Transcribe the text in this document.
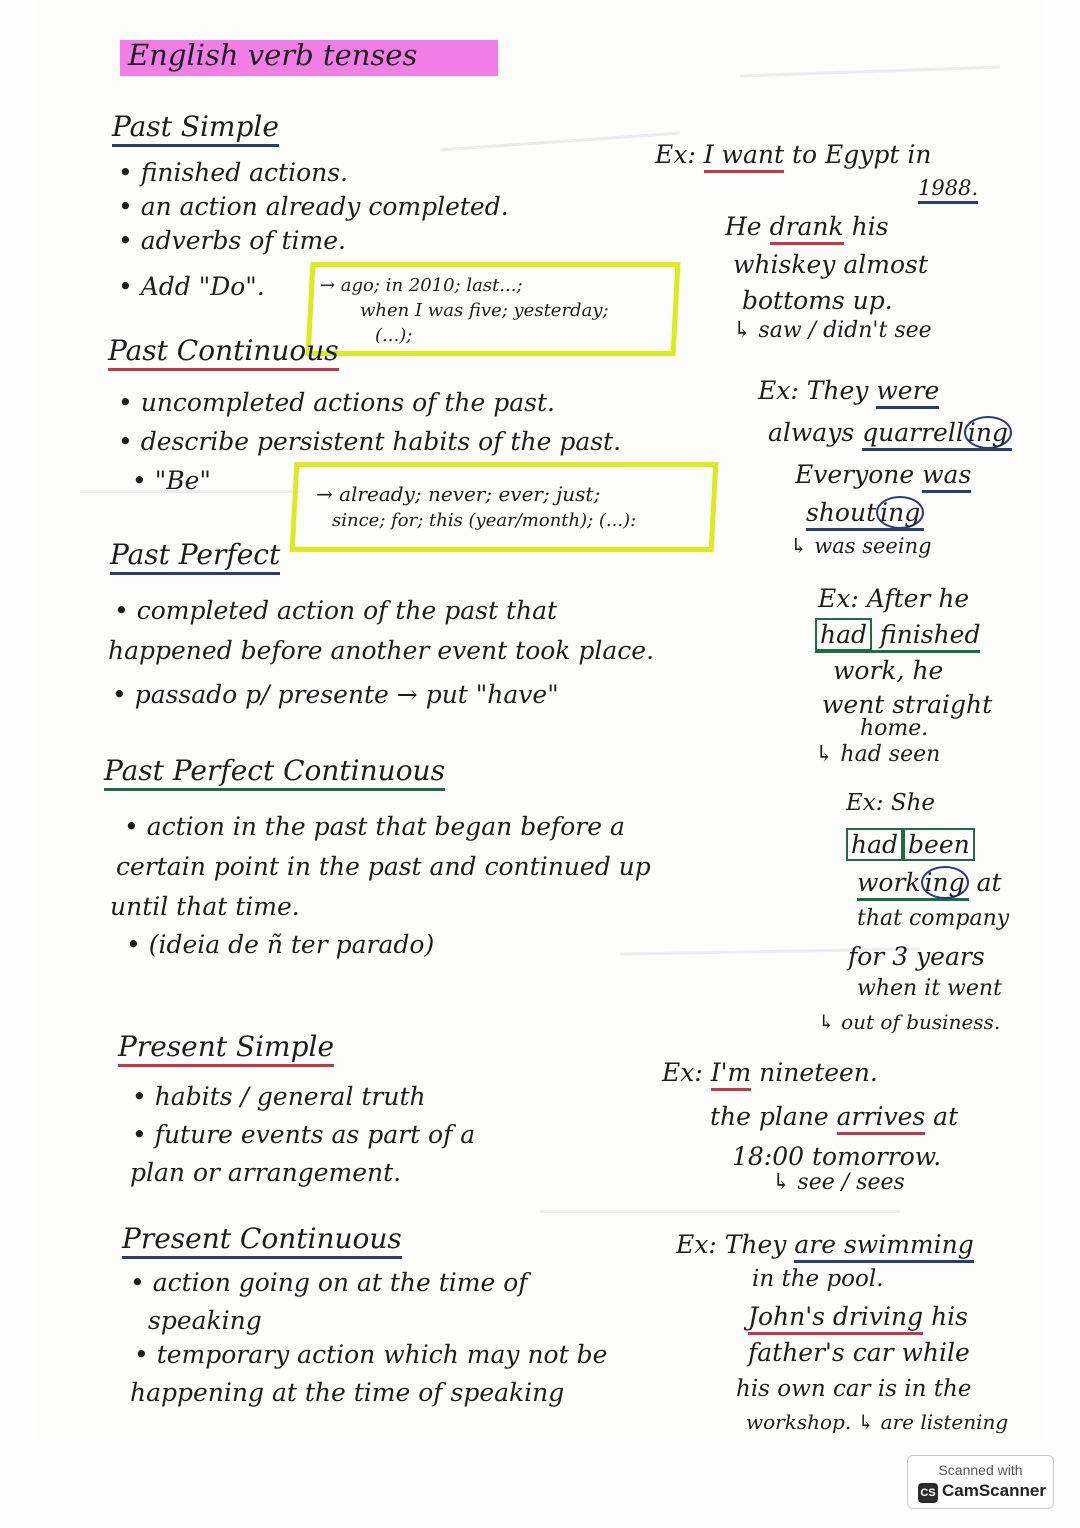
English verb tenses
Past Simple
• finished actions.
• an action already completed.
• adverbs of time.
• Add "Do".	→ ago; in 2010; last...;
when I was five; yesterday;
(...);
Ex: I want to Egypt in
1988.
He drank his
whiskey almost
bottoms up.
↳ saw / didn't see
Past Continuous
• uncompleted actions of the past.
• describe persistent habits of the past.
• "Be"	→ already; never; ever; just;
since; for; this (year/month); (...):
Ex: They were
always quarrell ing
Everyone was
shout ing
↳ was seeing
Past Perfect
• completed action of the past that
happened before another event took place.
• passado p/ presente → put "have"
Ex: After he
had finished
work, he
went straight
home.
↳ had seen
Past Perfect Continuous
• action in the past that began before a
certain point in the past and continued up
until that time.
• (ideia de ñ ter parado)
Ex: She
had been
work ing at
that company
for 3 years
when it went
↳ out of business.
Present Simple
• habits / general truth
• future events as part of a
plan or arrangement.
Ex: I'm nineteen.
the plane arrives at
18:00 tomorrow.
↳ see / sees
Present Continuous
• action going on at the time of
speaking
• temporary action which may not be
happening at the time of speaking
Ex: They are swimming
in the pool.
John's driving his
father's car while
his own car is in the
workshop. ↳ are listening
Scanned with
CS CamScanner
